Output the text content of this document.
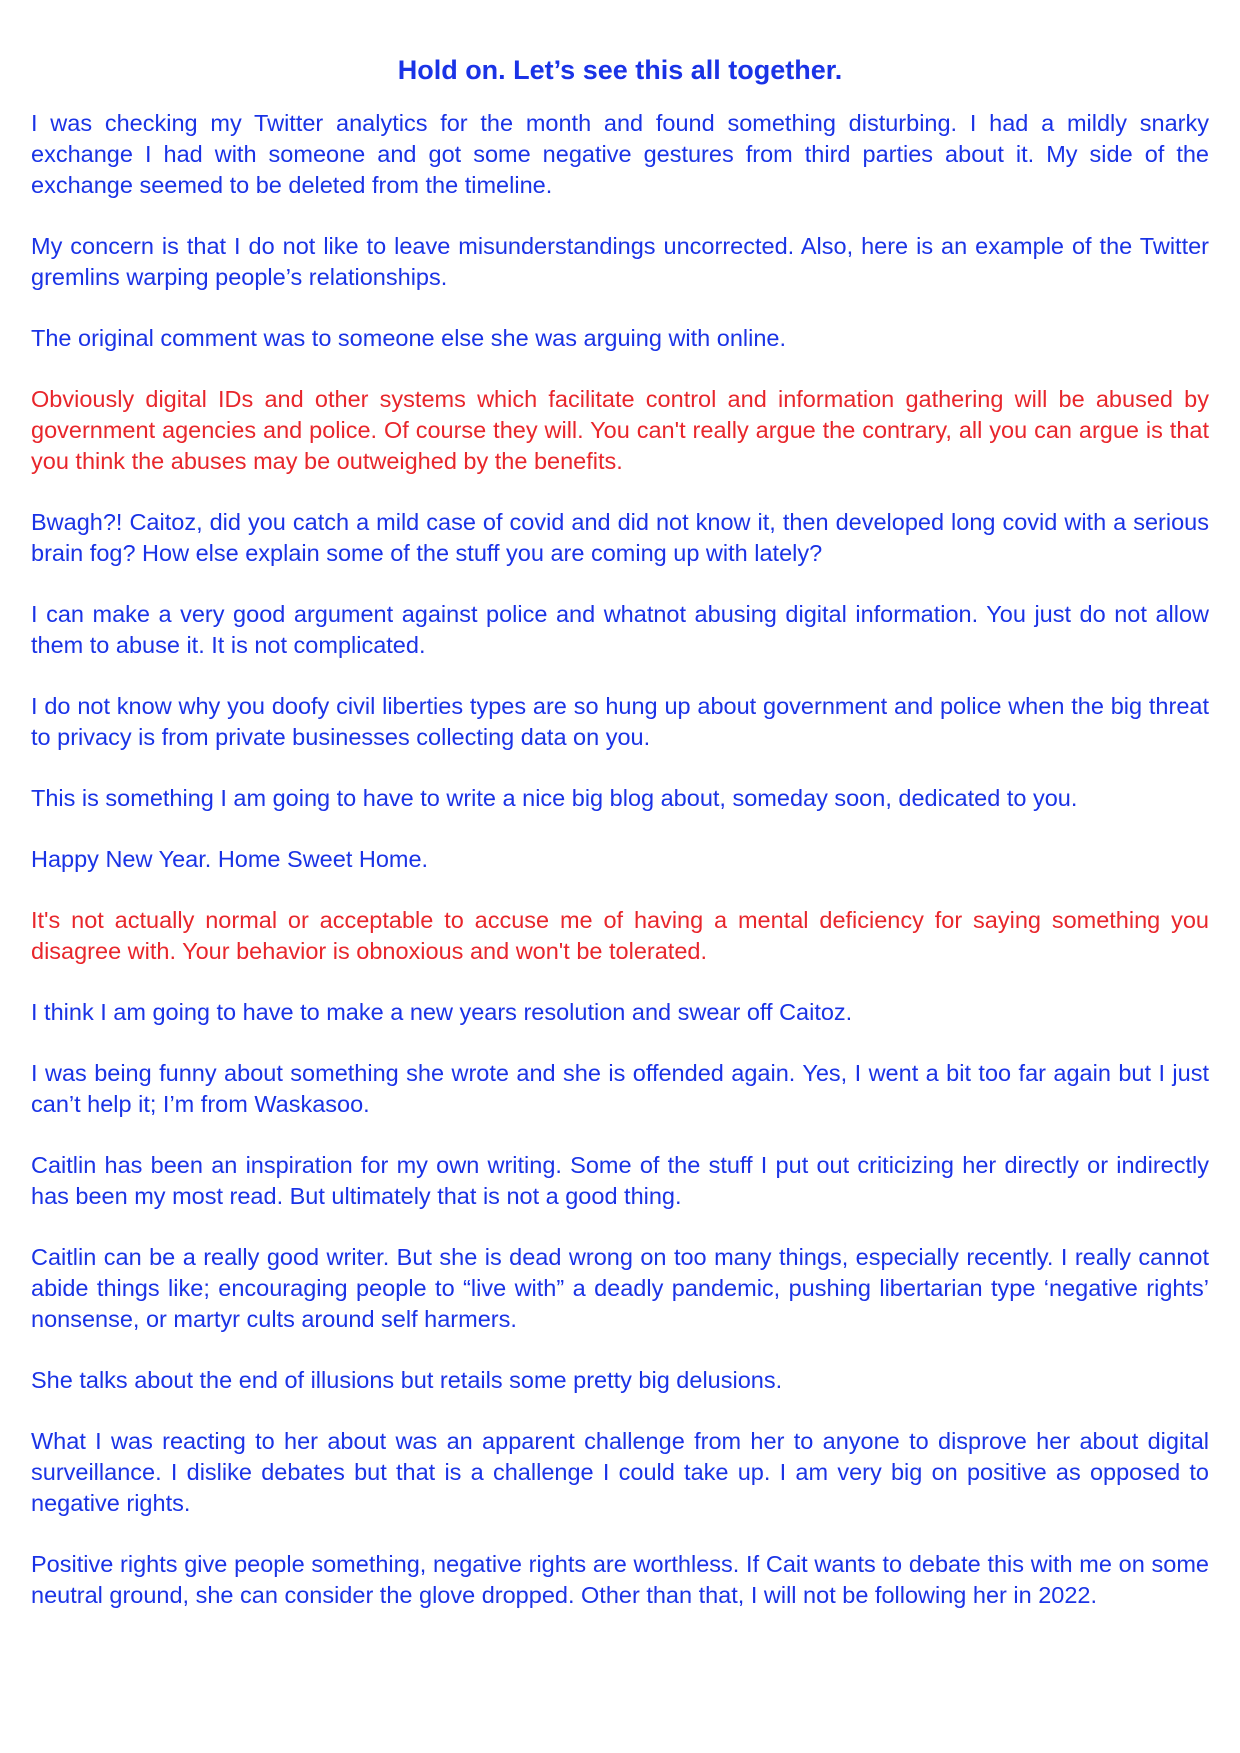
Hold on. Let’s see this all together.

I was checking my Twitter analytics for the month and found something disturbing. I had a mildly snarky exchange I had with someone and got some negative gestures from third parties about it. My side of the exchange seemed to be deleted from the timeline.

My concern is that I do not like to leave misunderstandings uncorrected. Also, here is an example of the Twitter gremlins warping people’s relationships.

The original comment was to someone else she was arguing with online.

Obviously digital IDs and other systems which facilitate control and information gathering will be abused by government agencies and police. Of course they will. You can't really argue the contrary, all you can argue is that you think the abuses may be outweighed by the benefits.

Bwagh?! Caitoz, did you catch a mild case of covid and did not know it, then developed long covid with a serious brain fog? How else explain some of the stuff you are coming up with lately?

I can make a very good argument against police and whatnot abusing digital information. You just do not allow them to abuse it. It is not complicated.

I do not know why you doofy civil liberties types are so hung up about government and police when the big threat to privacy is from private businesses collecting data on you.

This is something I am going to have to write a nice big blog about, someday soon, dedicated to you.

Happy New Year. Home Sweet Home.

It's not actually normal or acceptable to accuse me of having a mental deficiency for saying something you disagree with. Your behavior is obnoxious and won't be tolerated.

I think I am going to have to make a new years resolution and swear off Caitoz.

I was being funny about something she wrote and she is offended again. Yes, I went a bit too far again but I just can’t help it; I’m from Waskasoo.

Caitlin has been an inspiration for my own writing. Some of the stuff I put out criticizing her directly or indirectly has been my most read. But ultimately that is not a good thing.

Caitlin can be a really good writer. But she is dead wrong on too many things, especially recently. I really cannot abide things like; encouraging people to “live with” a deadly pandemic, pushing libertarian type ‘negative rights’ nonsense, or martyr cults around self harmers.

She talks about the end of illusions but retails some pretty big delusions.

What I was reacting to her about was an apparent challenge from her to anyone to disprove her about digital surveillance. I dislike debates but that is a challenge I could take up. I am very big on positive as opposed to negative rights.

Positive rights give people something, negative rights are worthless. If Cait wants to debate this with me on some neutral ground, she can consider the glove dropped. Other than that, I will not be following her in 2022.
